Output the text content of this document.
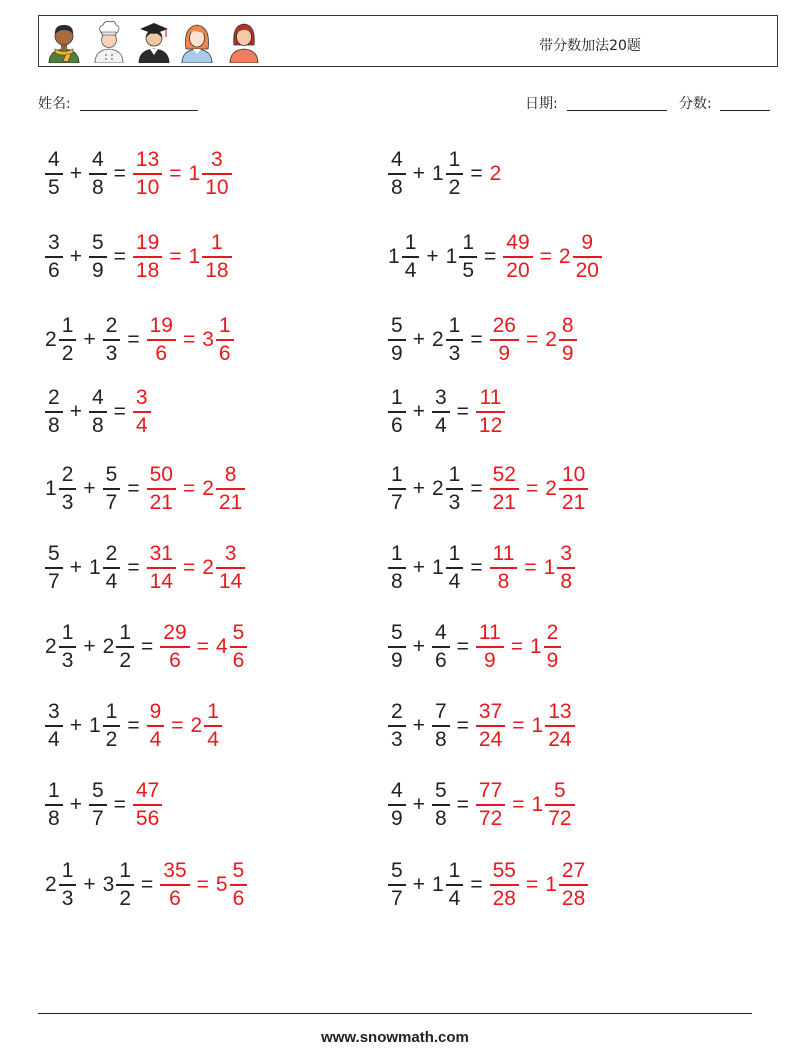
带分数加法20题
姓名:	日期:	分数:
$\frac{4}{5} + \frac{4}{8} = \frac{13}{10} = 1 \frac{3}{10}$
$\frac{3}{6} + \frac{5}{9} = \frac{19}{18} = 1 \frac{1}{18}$
$2 \frac{1}{2} + \frac{2}{3} = \frac{19}{6} = 3 \frac{1}{6}$
$\frac{2}{8} + \frac{4}{8} = \frac{3}{4}$
$1 \frac{2}{3} + \frac{5}{7} = \frac{50}{21} = 2 \frac{8}{21}$
$\frac{5}{7} + 1 \frac{2}{4} = \frac{31}{14} = 2 \frac{3}{14}$
$2 \frac{1}{3} + 2 \frac{1}{2} = \frac{29}{6} = 4 \frac{5}{6}$
$\frac{3}{4} + 1 \frac{1}{2} = \frac{9}{4} = 2 \frac{1}{4}$
$\frac{1}{8} + \frac{5}{7} = \frac{47}{56}$
$2 \frac{1}{3} + 3 \frac{1}{2} = \frac{35}{6} = 5 \frac{5}{6}$
$\frac{4}{8} + 1 \frac{1}{2} = 2$
$1 \frac{1}{4} + 1 \frac{1}{5} = \frac{49}{20} = 2 \frac{9}{20}$
$\frac{5}{9} + 2 \frac{1}{3} = \frac{26}{9} = 2 \frac{8}{9}$
$\frac{1}{6} + \frac{3}{4} = \frac{11}{12}$
$\frac{1}{7} + 2 \frac{1}{3} = \frac{52}{21} = 2 \frac{10}{21}$
$\frac{1}{8} + 1 \frac{1}{4} = \frac{11}{8} = 1 \frac{3}{8}$
$\frac{5}{9} + \frac{4}{6} = \frac{11}{9} = 1 \frac{2}{9}$
$\frac{2}{3} + \frac{7}{8} = \frac{37}{24} = 1 \frac{13}{24}$
$\frac{4}{9} + \frac{5}{8} = \frac{77}{72} = 1 \frac{5}{72}$
$\frac{5}{7} + 1 \frac{1}{4} = \frac{55}{28} = 1 \frac{27}{28}$
www.snowmath.com
